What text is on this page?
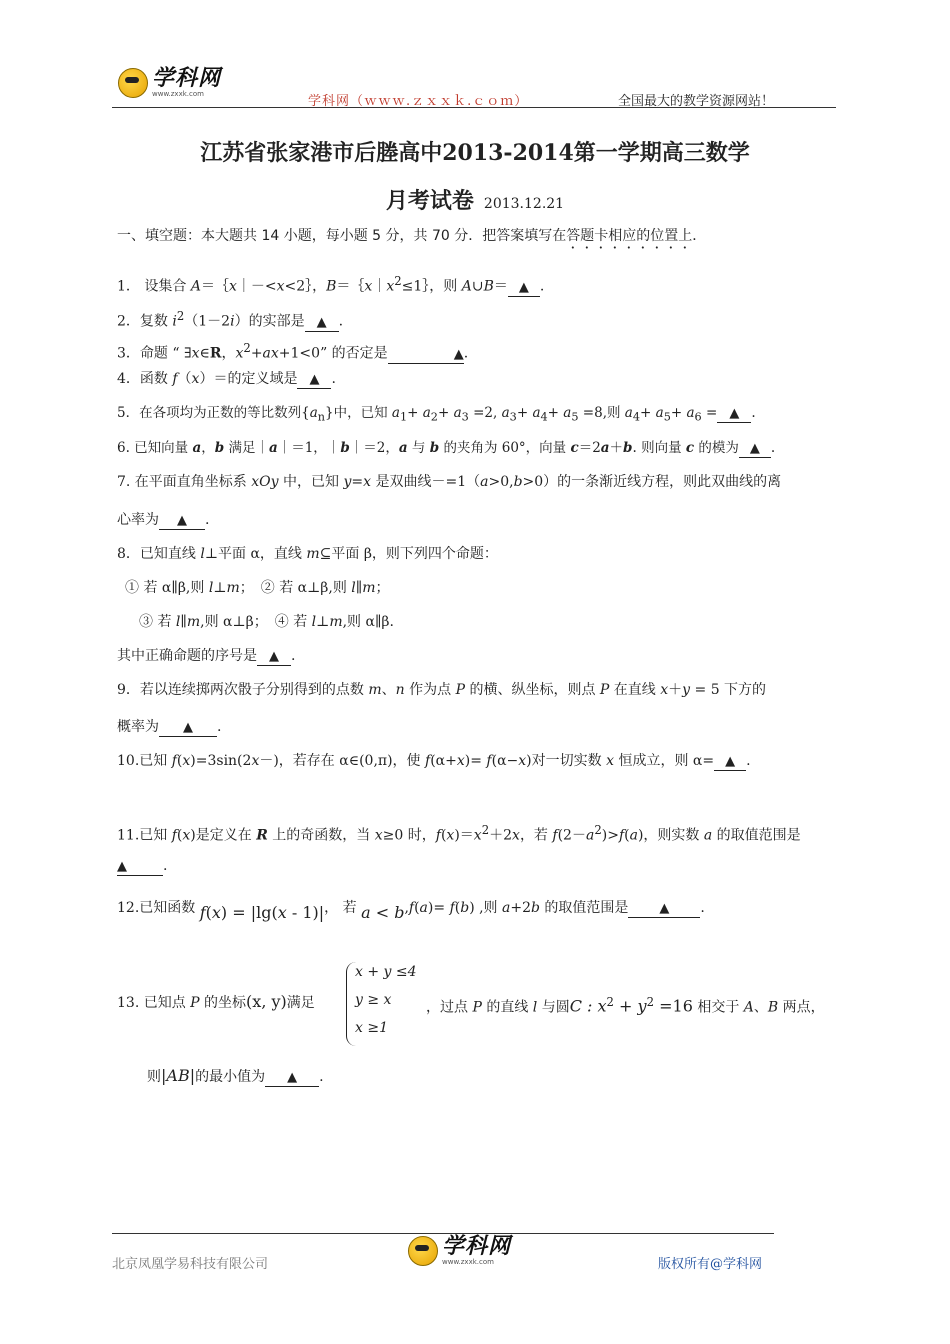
学科网
www.zxxk.com	学科网（ｗｗｗ.ｚｘｘｋ.ｃｏｍ）	全国最大的教学资源网站！
江苏省张家港市后塍高中2013-2014第一学期高三数学
月考试卷 2013.12.21
一、填空题：本大题共 14 小题，每小题 5 分，共 70 分．把答案填写在答题卡相应的位置上．
1． 设集合 A＝｛x｜－<x<2｝，$B=\{x|x^2\le 1\}$，则 A∪B＝ ▲ .
2．复数 $i^2(1-2i)$的实部是 ▲ .
3．命题 “ ∃x∈R，$x^2+ax+1<0$” 的否定是	▲.
4．函数 f（x）＝的定义域是 ▲ .
5．在各项均为正数的等比数列$\{a_n\}$中，已知 $a_1+ a_2+ a_3 =2$, $a_3+ a_4+ a_5 =8$,则 $a_4+ a_5+ a_6$ = ▲ .
6. 已知向量 a，b 满足｜a｜＝1，｜b｜＝2，a 与 b 的夹角为 60°，向量 c＝2a＋b. 则向量 c 的模为 ▲ .
7. 在平面直角坐标系 xOy 中，已知 y=x 是双曲线－=1（a>0,b>0）的一条渐近线方程，则此双曲线的离
心率为 ▲ .
8．已知直线 l⊥平面 α，直线 m⊆平面 β，则下列四个命题：
① 若 α∥β,则 l⊥m；　② 若 α⊥β,则 l∥m；
③ 若 l∥m,则 α⊥β；　④ 若 l⊥m,则 α∥β.
其中正确命题的序号是 ▲ .
9．若以连续掷两次骰子分别得到的点数 m、n 作为点 P 的横、纵坐标，则点 P 在直线 x＋y = 5 下方的
概率为 ▲ .
10.已知 f(x)=3sin(2x－)，若存在 α∈(0,π)，使 f(α+x)= f(α−x)对一切实数 x 恒成立，则 α= ▲ .
11.已知 f(x)是定义在 R 上的奇函数，当 x≥0 时，$f(x)=x^2+2x$，若 $f(2-a^2)>f(a)$，则实数 a 的取值范围是
▲	.
12.已知函数 f(x) = |lg(x - 1)|， 若 a < b,f(a)= f(b) ,则 a+2b 的取值范围是 ▲ .
13. 已知点 P 的坐标(x, y)满足
x + y ≤4
y ≥ x
x ≥1
，过点 P 的直线 l 与圆C : $x^2 + y^2 =16$ 相交于 A、B 两点，
则|AB|的最小值为 ▲ .
北京凤凰学易科技有限公司
学科网
www.zxxk.com	版权所有@学科网
